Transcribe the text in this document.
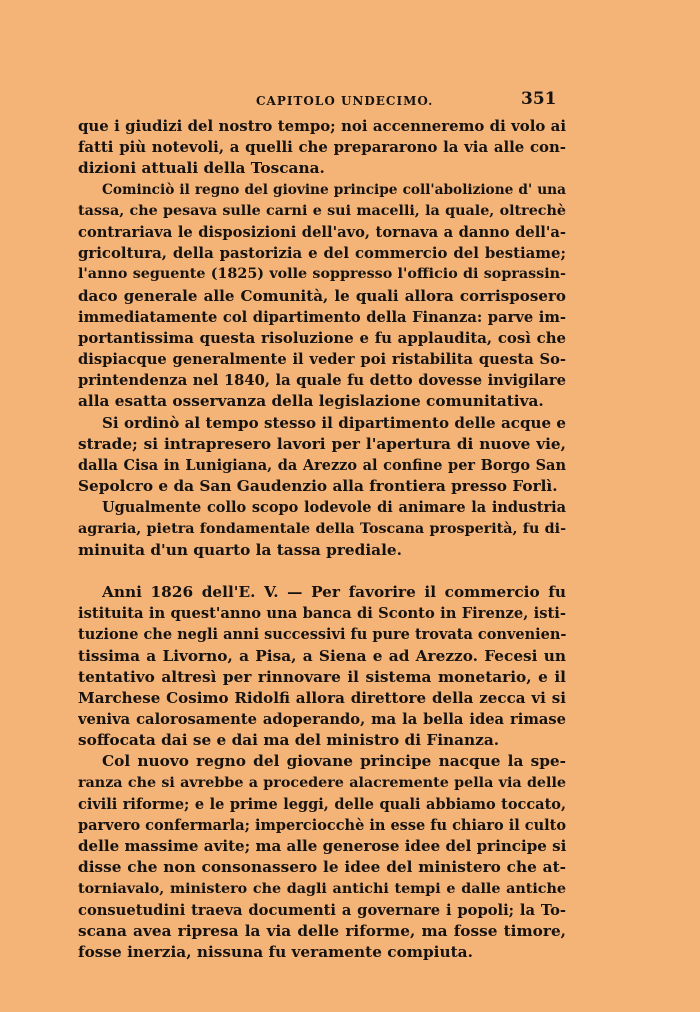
CAPITOLO UNDECIMO.	351
que i giudizi del nostro tempo; noi accenneremo di volo ai
fatti più notevoli, a quelli che prepararono la via alle con-
dizioni attuali della Toscana.
Cominciò il regno del giovine principe coll'abolizione d' una
tassa, che pesava sulle carni e sui macelli, la quale, oltrechè
contrariava le disposizioni dell'avo, tornava a danno dell'a-
gricoltura, della pastorizia e del commercio del bestiame;
l'anno seguente (1825) volle soppresso l'officio di soprassin-
daco generale alle Comunità, le quali allora corrisposero
immediatamente col dipartimento della Finanza: parve im-
portantissima questa risoluzione e fu applaudita, così che
dispiacque generalmente il veder poi ristabilita questa So-
printendenza nel 1840, la quale fu detto dovesse invigilare
alla esatta osservanza della legislazione comunitativa.
Si ordinò al tempo stesso il dipartimento delle acque e
strade; si intrapresero lavori per l'apertura di nuove vie,
dalla Cisa in Lunigiana, da Arezzo al confine per Borgo San
Sepolcro e da San Gaudenzio alla frontiera presso Forlì.
Ugualmente collo scopo lodevole di animare la industria
agraria, pietra fondamentale della Toscana prosperità, fu di-
minuita d'un quarto la tassa prediale.
Anni 1826 dell'E. V. — Per favorire il commercio fu
istituita in quest'anno una banca di Sconto in Firenze, isti-
tuzione che negli anni successivi fu pure trovata convenien-
tissima a Livorno, a Pisa, a Siena e ad Arezzo. Fecesi un
tentativo altresì per rinnovare il sistema monetario, e il
Marchese Cosimo Ridolfi allora direttore della zecca vi si
veniva calorosamente adoperando, ma la bella idea rimase
soffocata dai se e dai ma del ministro di Finanza.
Col nuovo regno del giovane principe nacque la spe-
ranza che si avrebbe a procedere alacremente pella via delle
civili riforme; e le prime leggi, delle quali abbiamo toccato,
parvero confermarla; imperciocchè in esse fu chiaro il culto
delle massime avite; ma alle generose idee del principe si
disse che non consonassero le idee del ministero che at-
torniavalo, ministero che dagli antichi tempi e dalle antiche
consuetudini traeva documenti a governare i popoli; la To-
scana avea ripresa la via delle riforme, ma fosse timore,
fosse inerzia, nissuna fu veramente compiuta.
